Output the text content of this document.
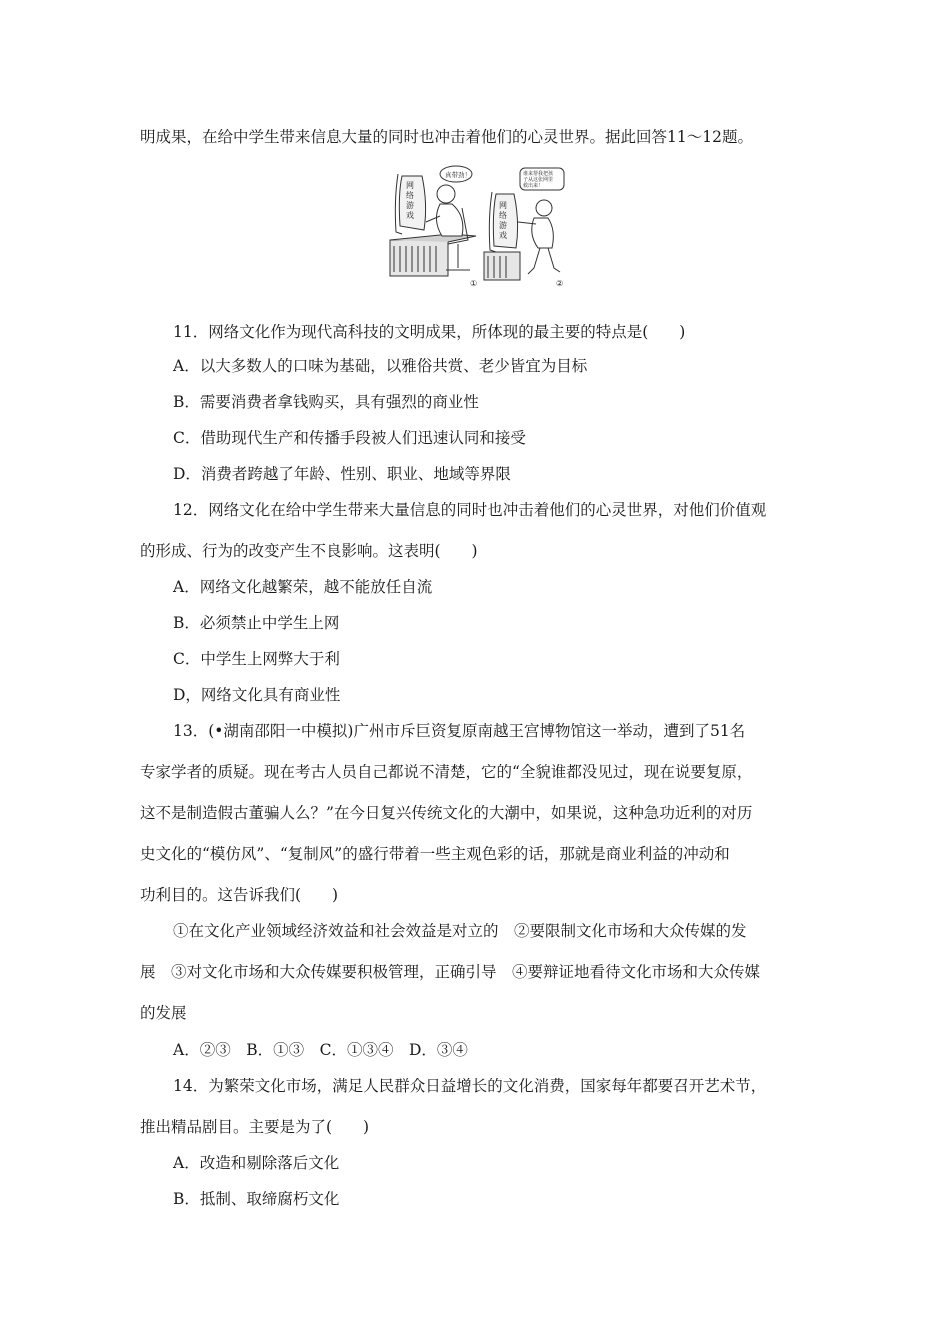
明成果，在给中学生带来信息大量的同时也冲击着他们的心灵世界。据此回答11～12题。
真带劲！
网络游戏
①
谁来帮我把孩 子从这张网里 救出来！
网络游戏
②
11．网络文化作为现代高科技的文明成果，所体现的最主要的特点是(　　)
A．以大多数人的口味为基础，以雅俗共赏、老少皆宜为目标
B．需要消费者拿钱购买，具有强烈的商业性
C．借助现代生产和传播手段被人们迅速认同和接受
D．消费者跨越了年龄、性别、职业、地域等界限
12．网络文化在给中学生带来大量信息的同时也冲击着他们的心灵世界，对他们价值观
的形成、行为的改变产生不良影响。这表明(　　)
A．网络文化越繁荣，越不能放任自流
B．必须禁止中学生上网
C．中学生上网弊大于利
D，网络文化具有商业性
13．(•湖南邵阳一中模拟)广州市斥巨资复原南越王宫博物馆这一举动，遭到了51名
专家学者的质疑。现在考古人员自己都说不清楚，它的“全貌谁都没见过，现在说要复原，
这不是制造假古董骗人么？”在今日复兴传统文化的大潮中，如果说，这种急功近利的对历
史文化的“模仿风”、“复制风”的盛行带着一些主观色彩的话，那就是商业利益的冲动和
功利目的。这告诉我们(　　)
①在文化产业领域经济效益和社会效益是对立的　②要限制文化市场和大众传媒的发
展　③对文化市场和大众传媒要积极管理，正确引导　④要辩证地看待文化市场和大众传媒
的发展
A．②③　B．①③　C．①③④　D．③④
14．为繁荣文化市场，满足人民群众日益增长的文化消费，国家每年都要召开艺术节，
推出精品剧目。主要是为了(　　)
A．改造和剔除落后文化
B．抵制、取缔腐朽文化
